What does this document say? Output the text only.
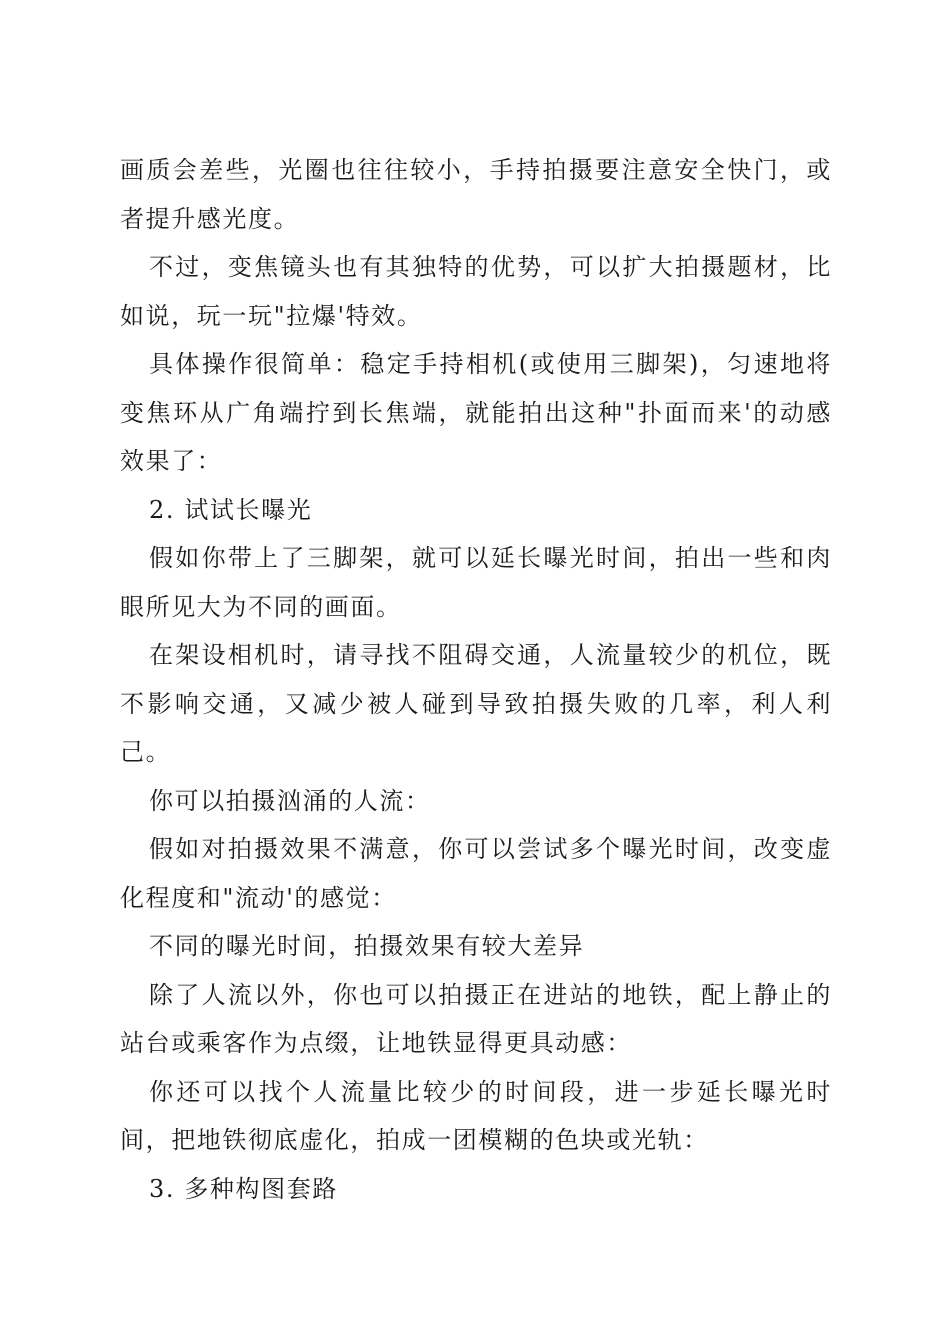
画质会差些，光圈也往往较小，手持拍摄要注意安全快门，或者提升感光度。

不过，变焦镜头也有其独特的优势，可以扩大拍摄题材，比如说，玩一玩"拉爆'特效。

具体操作很简单：稳定手持相机(或使用三脚架)，匀速地将变焦环从广角端拧到长焦端，就能拍出这种"扑面而来'的动感效果了：

2. 试试长曝光

假如你带上了三脚架，就可以延长曝光时间，拍出一些和肉眼所见大为不同的画面。

在架设相机时，请寻找不阻碍交通，人流量较少的机位，既不影响交通，又减少被人碰到导致拍摄失败的几率，利人利己。

你可以拍摄汹涌的人流：

假如对拍摄效果不满意，你可以尝试多个曝光时间，改变虚化程度和"流动'的感觉：

不同的曝光时间，拍摄效果有较大差异

除了人流以外，你也可以拍摄正在进站的地铁，配上静止的站台或乘客作为点缀，让地铁显得更具动感：

你还可以找个人流量比较少的时间段，进一步延长曝光时间，把地铁彻底虚化，拍成一团模糊的色块或光轨：

3. 多种构图套路
